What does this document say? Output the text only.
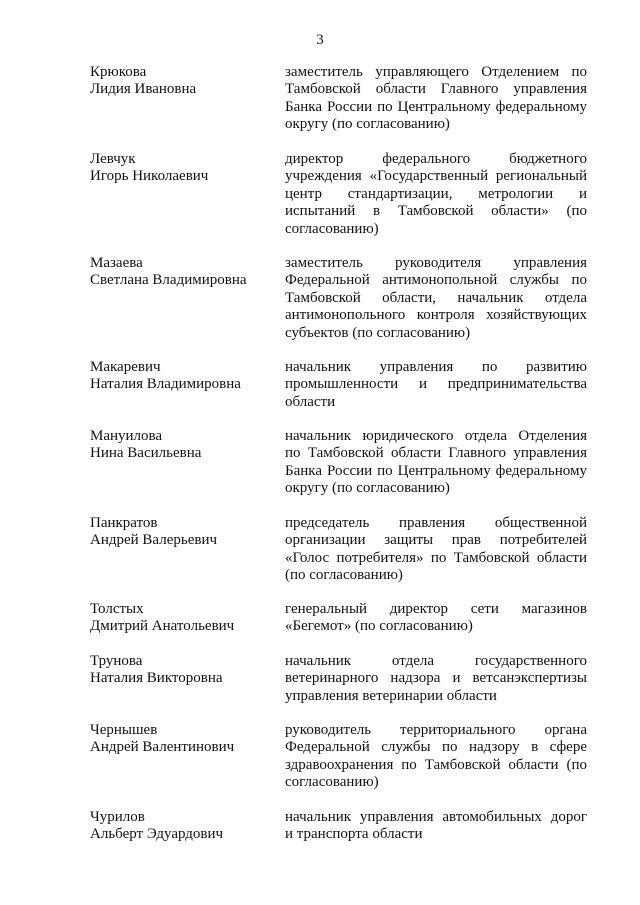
3
Крюкова
Лидия Ивановна
заместитель управляющего Отделением по
Тамбовской области Главного управления
Банка России по Центральному федеральному
округу (по согласованию)
Левчук
Игорь Николаевич
директор федерального бюджетного
учреждения «Государственный региональный
центр стандартизации, метрологии и
испытаний в Тамбовской области» (по
согласованию)
Мазаева
Светлана Владимировна
заместитель руководителя управления
Федеральной антимонопольной службы по
Тамбовской области, начальник отдела
антимонопольного контроля хозяйствующих
субъектов (по согласованию)
Макаревич
Наталия Владимировна
начальник управления по развитию
промышленности и предпринимательства
области
Мануилова
Нина Васильевна
начальник юридического отдела Отделения
по Тамбовской области Главного управления
Банка России по Центральному федеральному
округу (по согласованию)
Панкратов
Андрей Валерьевич
председатель правления общественной
организации защиты прав потребителей
«Голос потребителя» по Тамбовской области
(по согласованию)
Толстых
Дмитрий Анатольевич
генеральный директор сети магазинов
«Бегемот» (по согласованию)
Трунова
Наталия Викторовна
начальник отдела государственного
ветеринарного надзора и ветсанэкспертизы
управления ветеринарии области
Чернышев
Андрей Валентинович
руководитель территориального органа
Федеральной службы по надзору в сфере
здравоохранения по Тамбовской области (по
согласованию)
Чурилов
Альберт Эдуардович
начальник управления автомобильных дорог
и транспорта области
